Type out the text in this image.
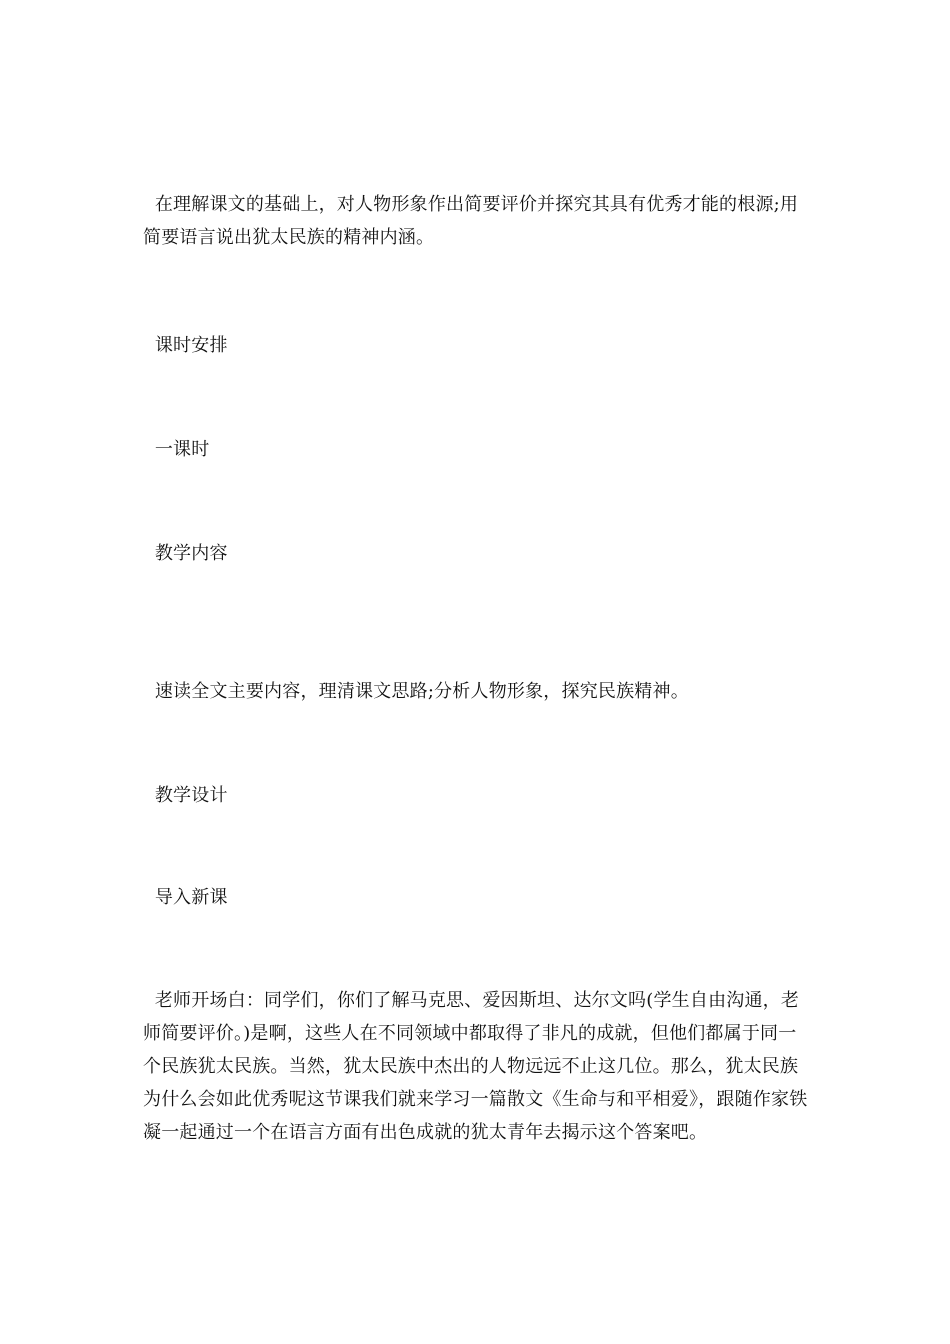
在理解课文的基础上，对人物形象作出简要评价并探究其具有优秀才能的根源;用简要语言说出犹太民族的精神内涵。

课时安排

一课时

教学内容

速读全文主要内容，理清课文思路;分析人物形象，探究民族精神。

教学设计

导入新课

老师开场白：同学们，你们了解马克思、爱因斯坦、达尔文吗(学生自由沟通，老师简要评价。)是啊，这些人在不同领域中都取得了非凡的成就，但他们都属于同一个民族犹太民族。当然，犹太民族中杰出的人物远远不止这几位。那么，犹太民族为什么会如此优秀呢这节课我们就来学习一篇散文《生命与和平相爱》，跟随作家铁凝一起通过一个在语言方面有出色成就的犹太青年去揭示这个答案吧。
